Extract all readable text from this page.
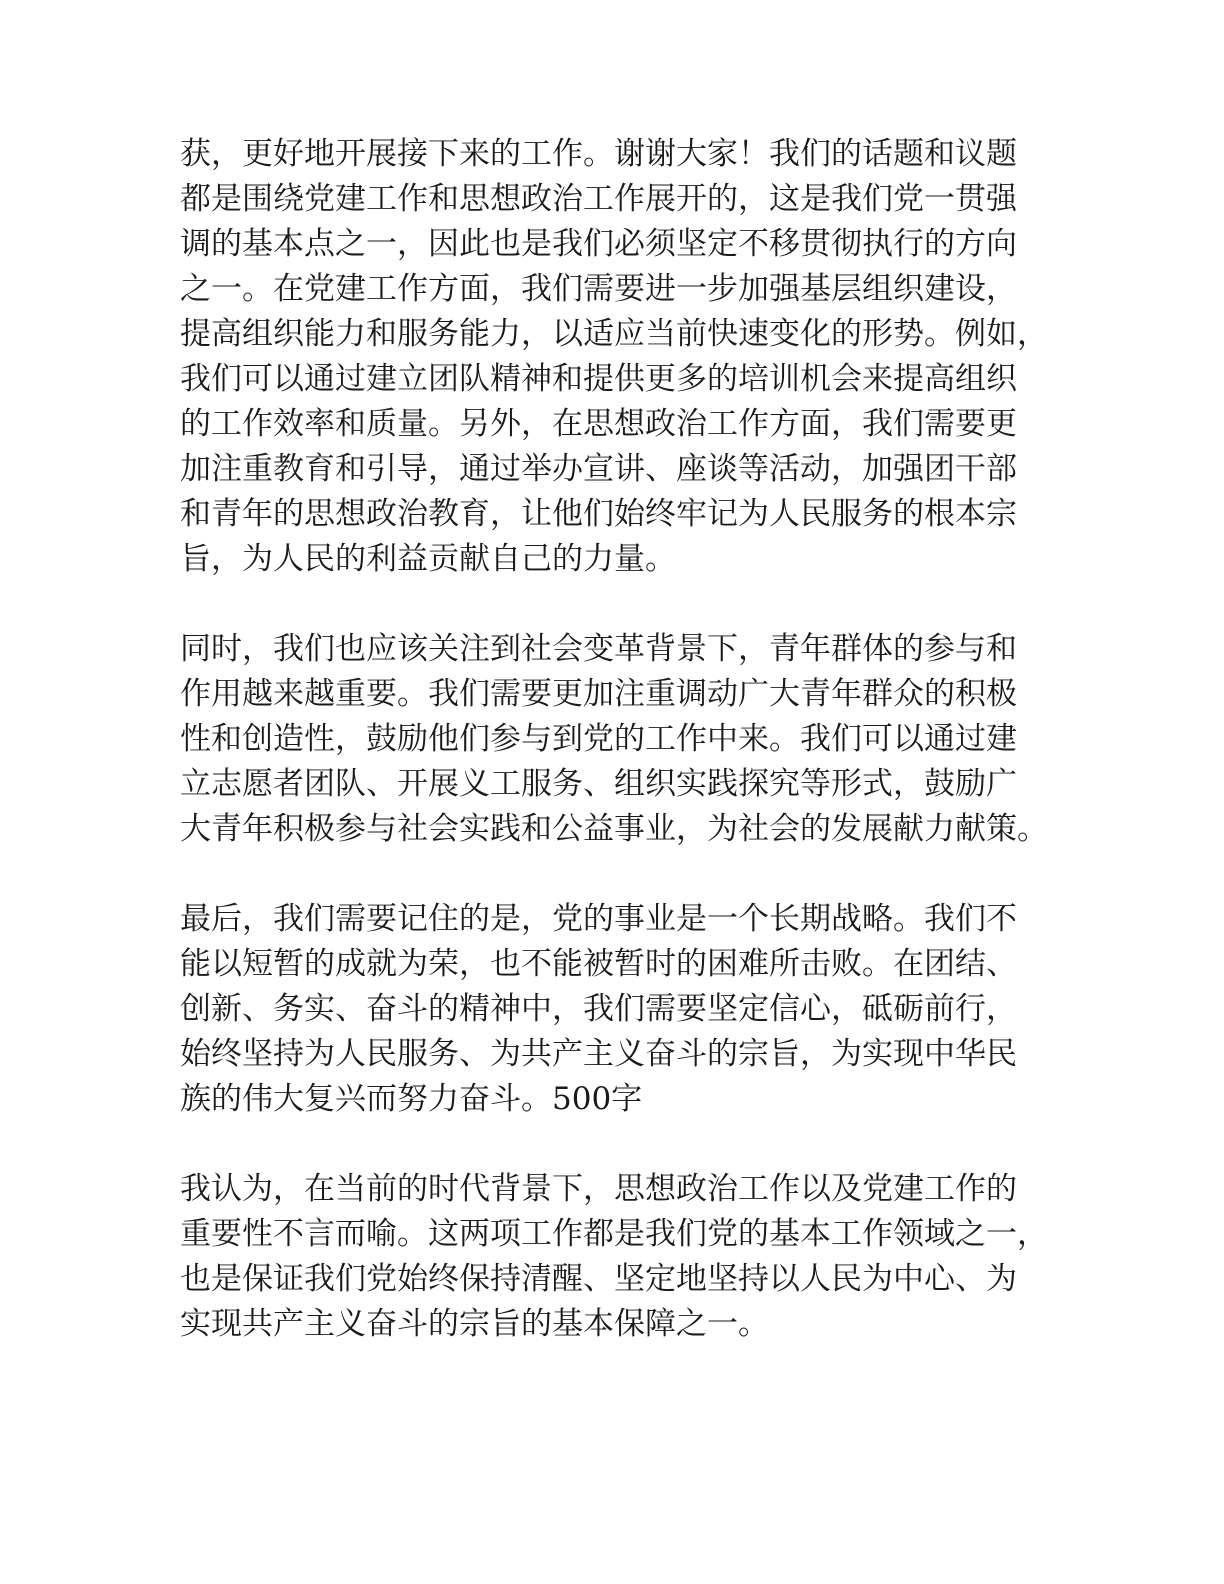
获，更好地开展接下来的工作。谢谢大家！我们的话题和议题
都是围绕党建工作和思想政治工作展开的，这是我们党一贯强
调的基本点之一，因此也是我们必须坚定不移贯彻执行的方向
之一。在党建工作方面，我们需要进一步加强基层组织建设，
提高组织能力和服务能力，以适应当前快速变化的形势。例如，
我们可以通过建立团队精神和提供更多的培训机会来提高组织
的工作效率和质量。另外，在思想政治工作方面，我们需要更
加注重教育和引导，通过举办宣讲、座谈等活动，加强团干部
和青年的思想政治教育，让他们始终牢记为人民服务的根本宗
旨，为人民的利益贡献自己的力量。
同时，我们也应该关注到社会变革背景下，青年群体的参与和
作用越来越重要。我们需要更加注重调动广大青年群众的积极
性和创造性，鼓励他们参与到党的工作中来。我们可以通过建
立志愿者团队、开展义工服务、组织实践探究等形式，鼓励广
大青年积极参与社会实践和公益事业，为社会的发展献力献策。
最后，我们需要记住的是，党的事业是一个长期战略。我们不
能以短暂的成就为荣，也不能被暂时的困难所击败。在团结、
创新、务实、奋斗的精神中，我们需要坚定信心，砥砺前行，
始终坚持为人民服务、为共产主义奋斗的宗旨，为实现中华民
族的伟大复兴而努力奋斗。500字
我认为，在当前的时代背景下，思想政治工作以及党建工作的
重要性不言而喻。这两项工作都是我们党的基本工作领域之一，
也是保证我们党始终保持清醒、坚定地坚持以人民为中心、为
实现共产主义奋斗的宗旨的基本保障之一。
